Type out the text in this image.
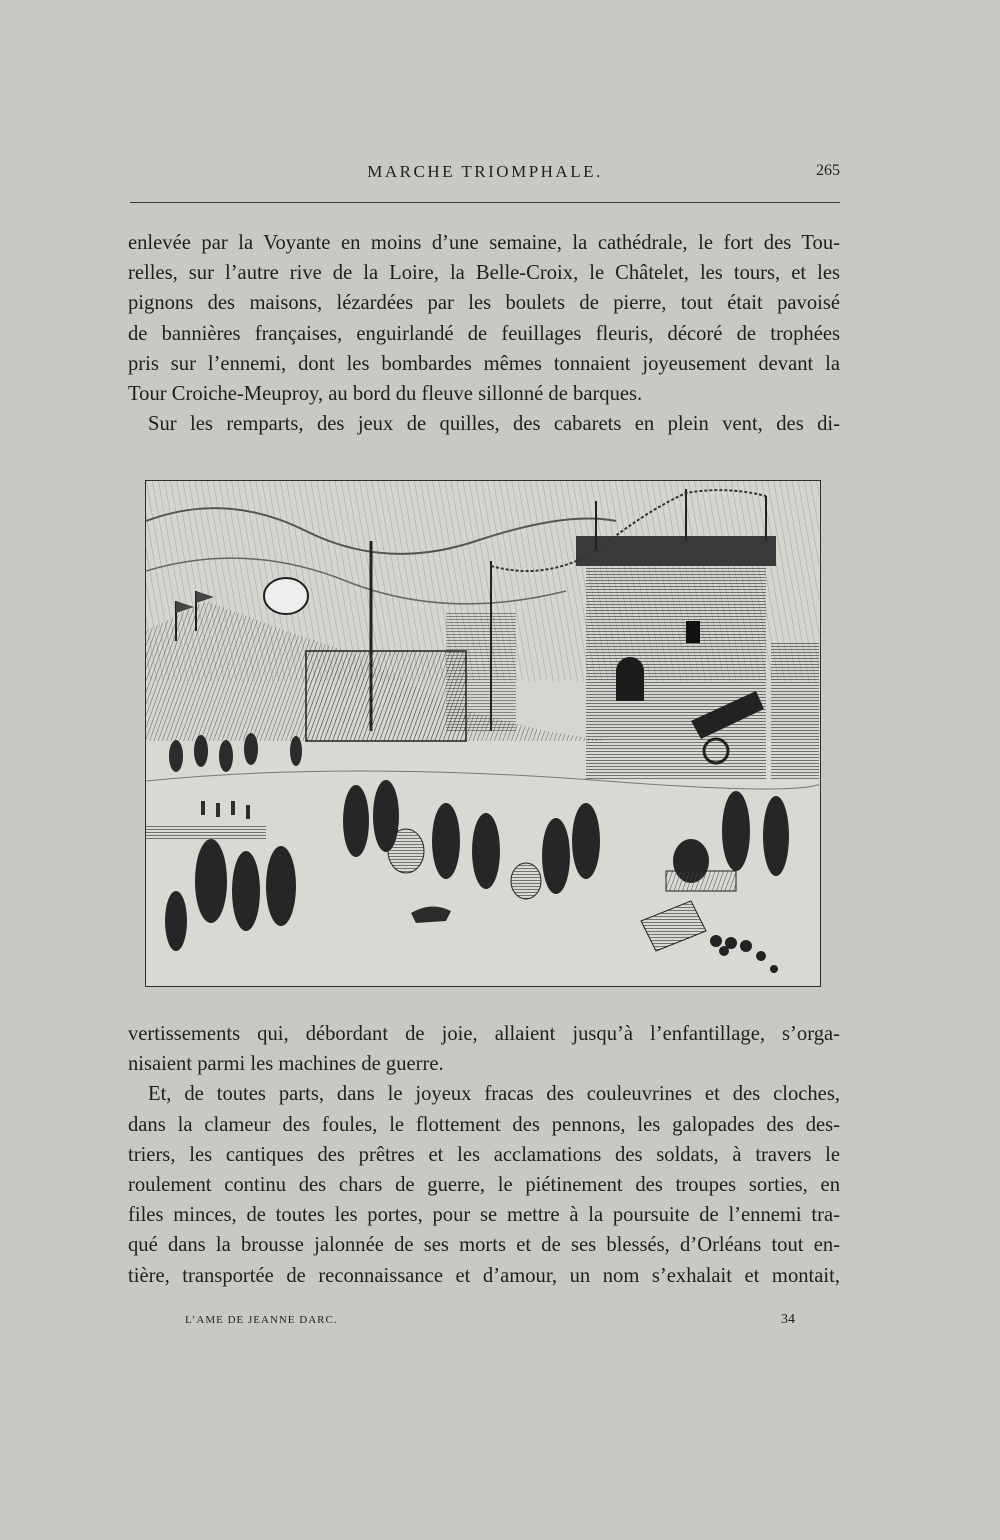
MARCHE TRIOMPHALE.	265
enlevée par la Voyante en moins d’une semaine, la cathédrale, le fort des Tou-
relles, sur l’autre rive de la Loire, la Belle-Croix, le Châtelet, les tours, et les
pignons des maisons, lézardées par les boulets de pierre, tout était pavoisé
de bannières françaises, enguirlandé de feuillages fleuris, décoré de trophées
pris sur l’ennemi, dont les bombardes mêmes tonnaient joyeusement devant la
Tour Croiche-Meuproy, au bord du fleuve sillonné de barques.
Sur les remparts, des jeux de quilles, des cabarets en plein vent, des di-
vertissements qui, débordant de joie, allaient jusqu’à l’enfantillage, s’orga-
nisaient parmi les machines de guerre.
Et, de toutes parts, dans le joyeux fracas des couleuvrines et des cloches,
dans la clameur des foules, le flottement des pennons, les galopades des des-
triers, les cantiques des prêtres et les acclamations des soldats, à travers le
roulement continu des chars de guerre, le piétinement des troupes sorties, en
files minces, de toutes les portes, pour se mettre à la poursuite de l’ennemi tra-
qué dans la brousse jalonnée de ses morts et de ses blessés, d’Orléans tout en-
tière, transportée de reconnaissance et d’amour, un nom s’exhalait et montait,
L’AME DE JEANNE DARC.	34
